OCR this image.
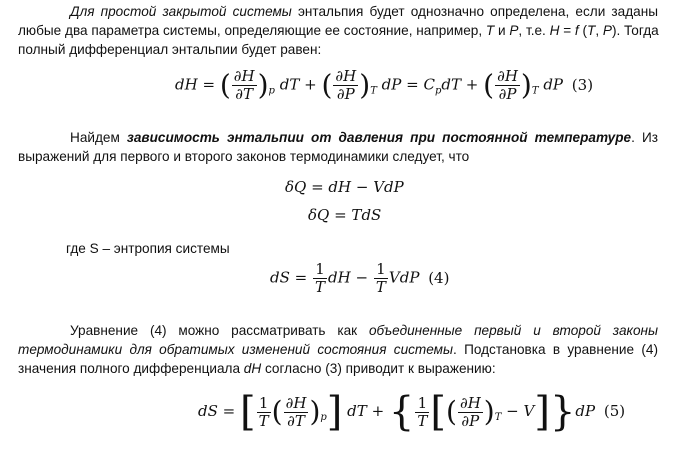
Для простой закрытой системы энтальпия будет однозначно определена, если заданы
любые два параметра системы, определяющие ее состояние, например, T и P, т.е. H = f (T, P). Тогда
полный дифференциал энтальпии будет равен:
dH = ( $\frac{\partial H}{\partial T} )_p$ dT + ( $\frac{\partial H}{\partial P} )_T$ dP = $C_pdT$ + ( $\frac{\partial H}{\partial P} )_T$ dP (3)
Найдем зависимость энтальпии от давления при постоянной температуре. Из
выражений для первого и второго законов термодинамики следует, что
δQ = dH − VdP
δQ = TdS
где S – энтропия системы
dS = $\frac{1}{T}$ dH − $\frac{1}{T}$ VdP (4)
Уравнение (4) можно рассматривать как объединенные первый и второй законы
термодинамики для обратимых изменений состояния системы. Подстановка в уравнение (4)
значения полного дифференциала dH согласно (3) приводит к выражению:
dS = [ $\frac{1}{T}$ ( $\frac{\partial H}{\partial T} )_p$] dT + { $\frac{1}{T}$ [( $\frac{\partial H}{\partial P} )_T - V]\}dP$ (5)
